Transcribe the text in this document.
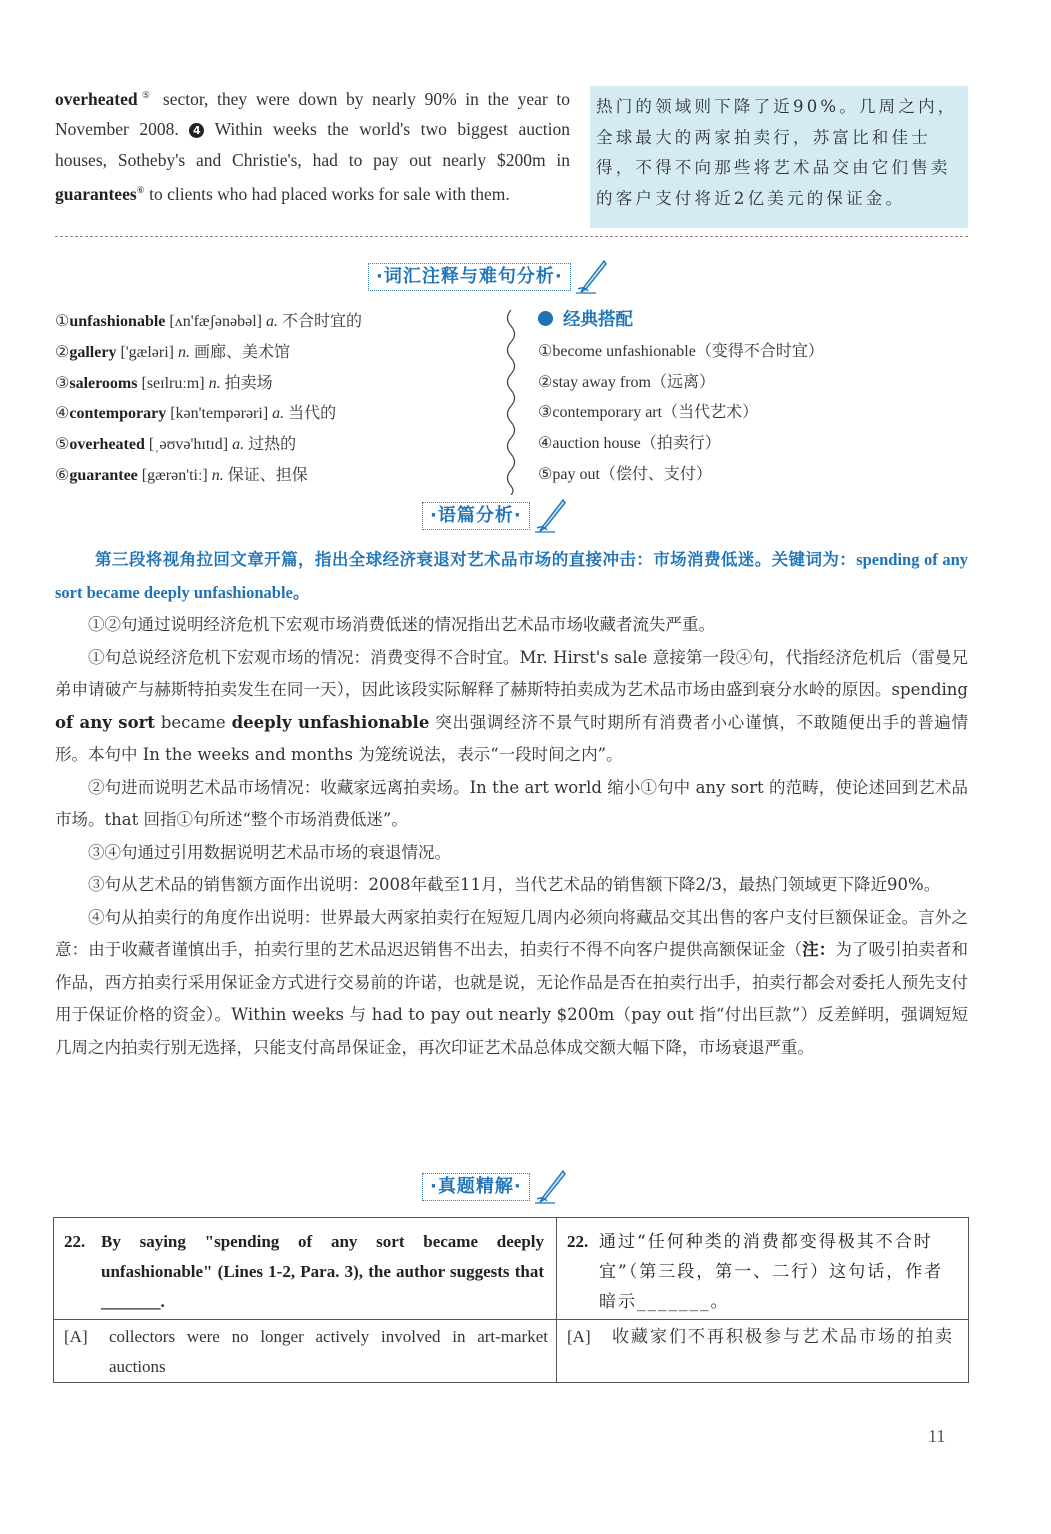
overheated⑤ sector, they were down by nearly 90% in the year to November 2008. 4 Within weeks the world's two biggest auction houses, Sotheby's and Christie's, had to pay out nearly $200m in guarantees⑥ to clients who had placed works for sale with them.
热门的领域则下降了近90%。几周之内，全球最大的两家拍卖行，苏富比和佳士得，不得不向那些将艺术品交由它们售卖的客户支付将近2亿美元的保证金。
·词汇注释与难句分析·
①unfashionable [ʌn'fæʃənəbəl] a. 不合时宜的
②gallery ['gæləri] n. 画廊、美术馆
③salerooms [seɪlruːm] n. 拍卖场
④contemporary [kən'tempərəri] a. 当代的
⑤overheated [ˌəʊvə'hɪtɪd] a. 过热的
⑥guarantee [gærən'tiː] n. 保证、担保
经典搭配
①become unfashionable（变得不合时宜）
②stay away from（远离）
③contemporary art（当代艺术）
④auction house（拍卖行）
⑤pay out（偿付、支付）
·语篇分析·

第三段将视角拉回文章开篇，指出全球经济衰退对艺术品市场的直接冲击：市场消费低迷。关键词为：spending of any sort became deeply unfashionable。

①②句通过说明经济危机下宏观市场消费低迷的情况指出艺术品市场收藏者流失严重。

①句总说经济危机下宏观市场的情况：消费变得不合时宜。Mr. Hirst's sale 意接第一段④句，代指经济危机后（雷曼兄弟申请破产与赫斯特拍卖发生在同一天），因此该段实际解释了赫斯特拍卖成为艺术品市场由盛到衰分水岭的原因。spending of any sort became deeply unfashionable 突出强调经济不景气时期所有消费者小心谨慎，不敢随便出手的普遍情形。本句中 In the weeks and months 为笼统说法，表示“一段时间之内”。

②句进而说明艺术品市场情况：收藏家远离拍卖场。In the art world 缩小①句中 any sort 的范畴，使论述回到艺术品市场。that 回指①句所述“整个市场消费低迷”。

③④句通过引用数据说明艺术品市场的衰退情况。

③句从艺术品的销售额方面作出说明：2008年截至11月，当代艺术品的销售额下降2/3，最热门领域更下降近90%。

④句从拍卖行的角度作出说明：世界最大两家拍卖行在短短几周内必须向将藏品交其出售的客户支付巨额保证金。言外之意：由于收藏者谨慎出手，拍卖行里的艺术品迟迟销售不出去，拍卖行不得不向客户提供高额保证金（注：为了吸引拍卖者和作品，西方拍卖行采用保证金方式进行交易前的许诺，也就是说，无论作品是否在拍卖行出手，拍卖行都会对委托人预先支付用于保证价格的资金）。Within weeks 与 had to pay out nearly $200m（pay out 指“付出巨款”）反差鲜明，强调短短几周之内拍卖行别无选择，只能支付高昂保证金，再次印证艺术品总体成交额大幅下降，市场衰退严重。

·真题精解·
22. By saying "spending of any sort became deeply unfashionable" (Lines 1-2, Para. 3), the author suggests that _______.	22. 通过“任何种类的消费都变得极其不合时宜”（第三段，第一、二行）这句话，作者暗示_______。

[A] collectors were no longer actively involved in art-market auctions	[A] 收藏家们不再积极参与艺术品市场的拍卖
11
